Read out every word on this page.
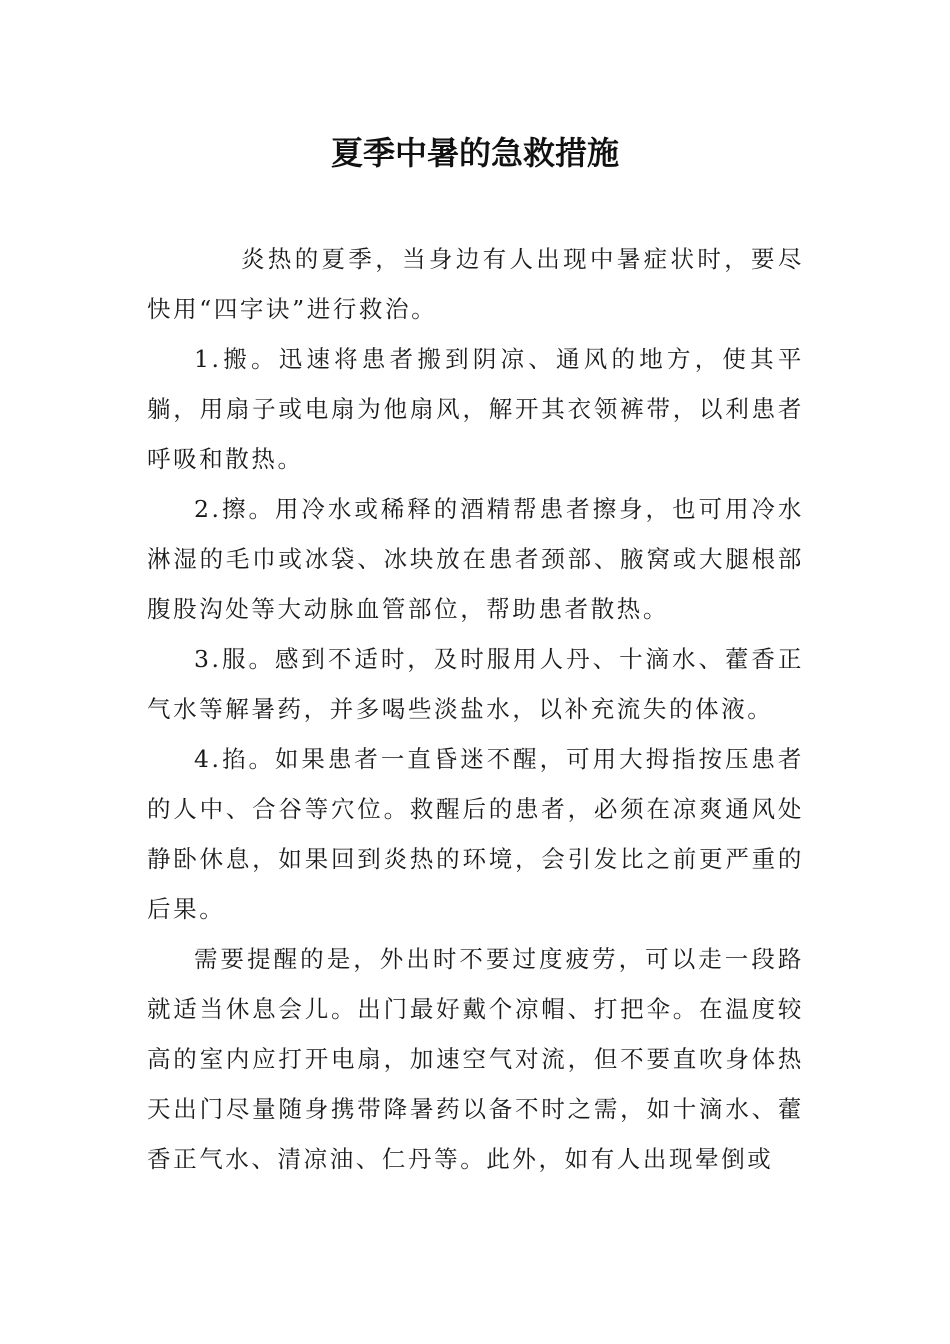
夏季中暑的急救措施

炎热的夏季，当身边有人出现中暑症状时，要尽快用“四字诀”进行救治。

1.搬。迅速将患者搬到阴凉、通风的地方，使其平躺，用扇子或电扇为他扇风，解开其衣领裤带，以利患者呼吸和散热。

2.擦。用冷水或稀释的酒精帮患者擦身，也可用冷水淋湿的毛巾或冰袋、冰块放在患者颈部、腋窝或大腿根部腹股沟处等大动脉血管部位，帮助患者散热。

3.服。感到不适时，及时服用人丹、十滴水、藿香正气水等解暑药，并多喝些淡盐水，以补充流失的体液。

4.掐。如果患者一直昏迷不醒，可用大拇指按压患者的人中、合谷等穴位。救醒后的患者，必须在凉爽通风处静卧休息，如果回到炎热的环境，会引发比之前更严重的后果。

需要提醒的是，外出时不要过度疲劳，可以走一段路就适当休息会儿。出门最好戴个凉帽、打把伞。在温度较高的室内应打开电扇，加速空气对流，但不要直吹身体热天出门尽量随身携带降暑药以备不时之需，如十滴水、藿香正气水、清凉油、仁丹等。此外，如有人出现晕倒或
